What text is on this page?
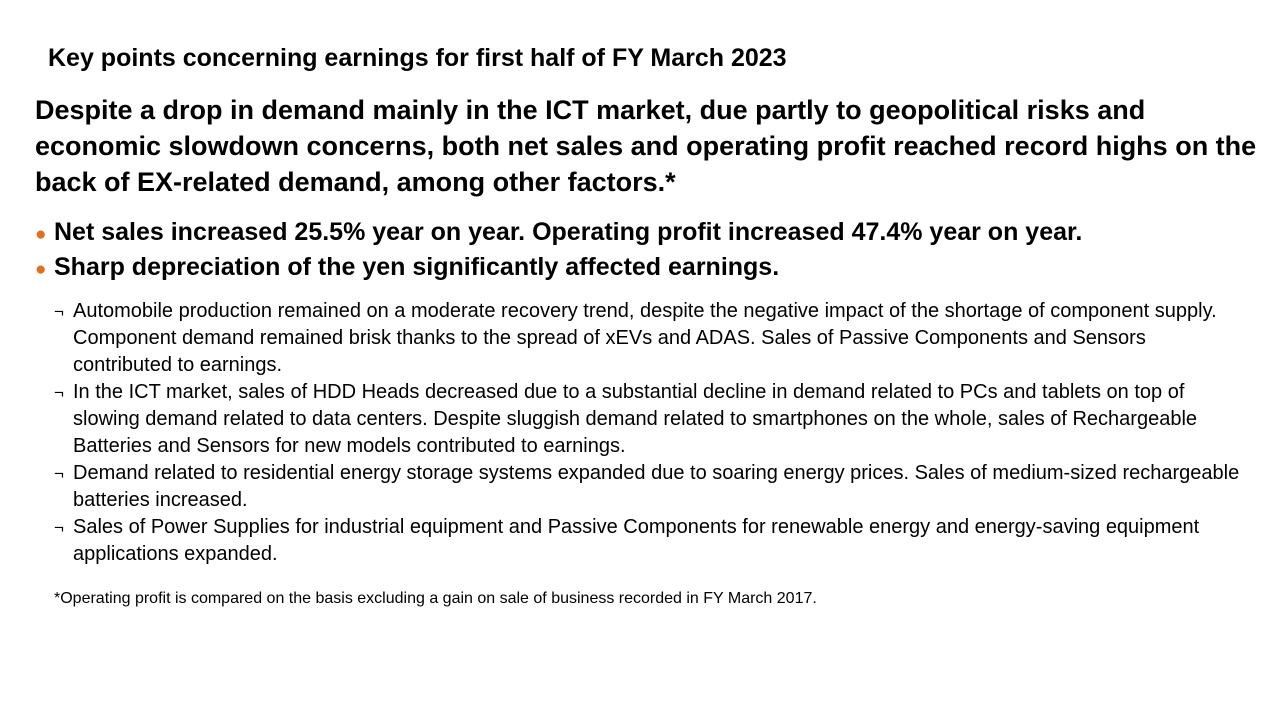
Key points concerning earnings for first half of FY March 2023
Despite a drop in demand mainly in the ICT market, due partly to geopolitical risks and economic slowdown concerns, both net sales and operating profit reached record highs on the back of EX-related demand, among other factors.*
● Net sales increased 25.5% year on year. Operating profit increased 47.4% year on year.
● Sharp depreciation of the yen significantly affected earnings.
¬ Automobile production remained on a moderate recovery trend, despite the negative impact of the shortage of component supply. Component demand remained brisk thanks to the spread of xEVs and ADAS. Sales of Passive Components and Sensors contributed to earnings.
¬ In the ICT market, sales of HDD Heads decreased due to a substantial decline in demand related to PCs and tablets on top of slowing demand related to data centers. Despite sluggish demand related to smartphones on the whole, sales of Rechargeable Batteries and Sensors for new models contributed to earnings.
¬ Demand related to residential energy storage systems expanded due to soaring energy prices. Sales of medium-sized rechargeable batteries increased.
¬ Sales of Power Supplies for industrial equipment and Passive Components for renewable energy and energy-saving equipment applications expanded.
*Operating profit is compared on the basis excluding a gain on sale of business recorded in FY March 2017.
